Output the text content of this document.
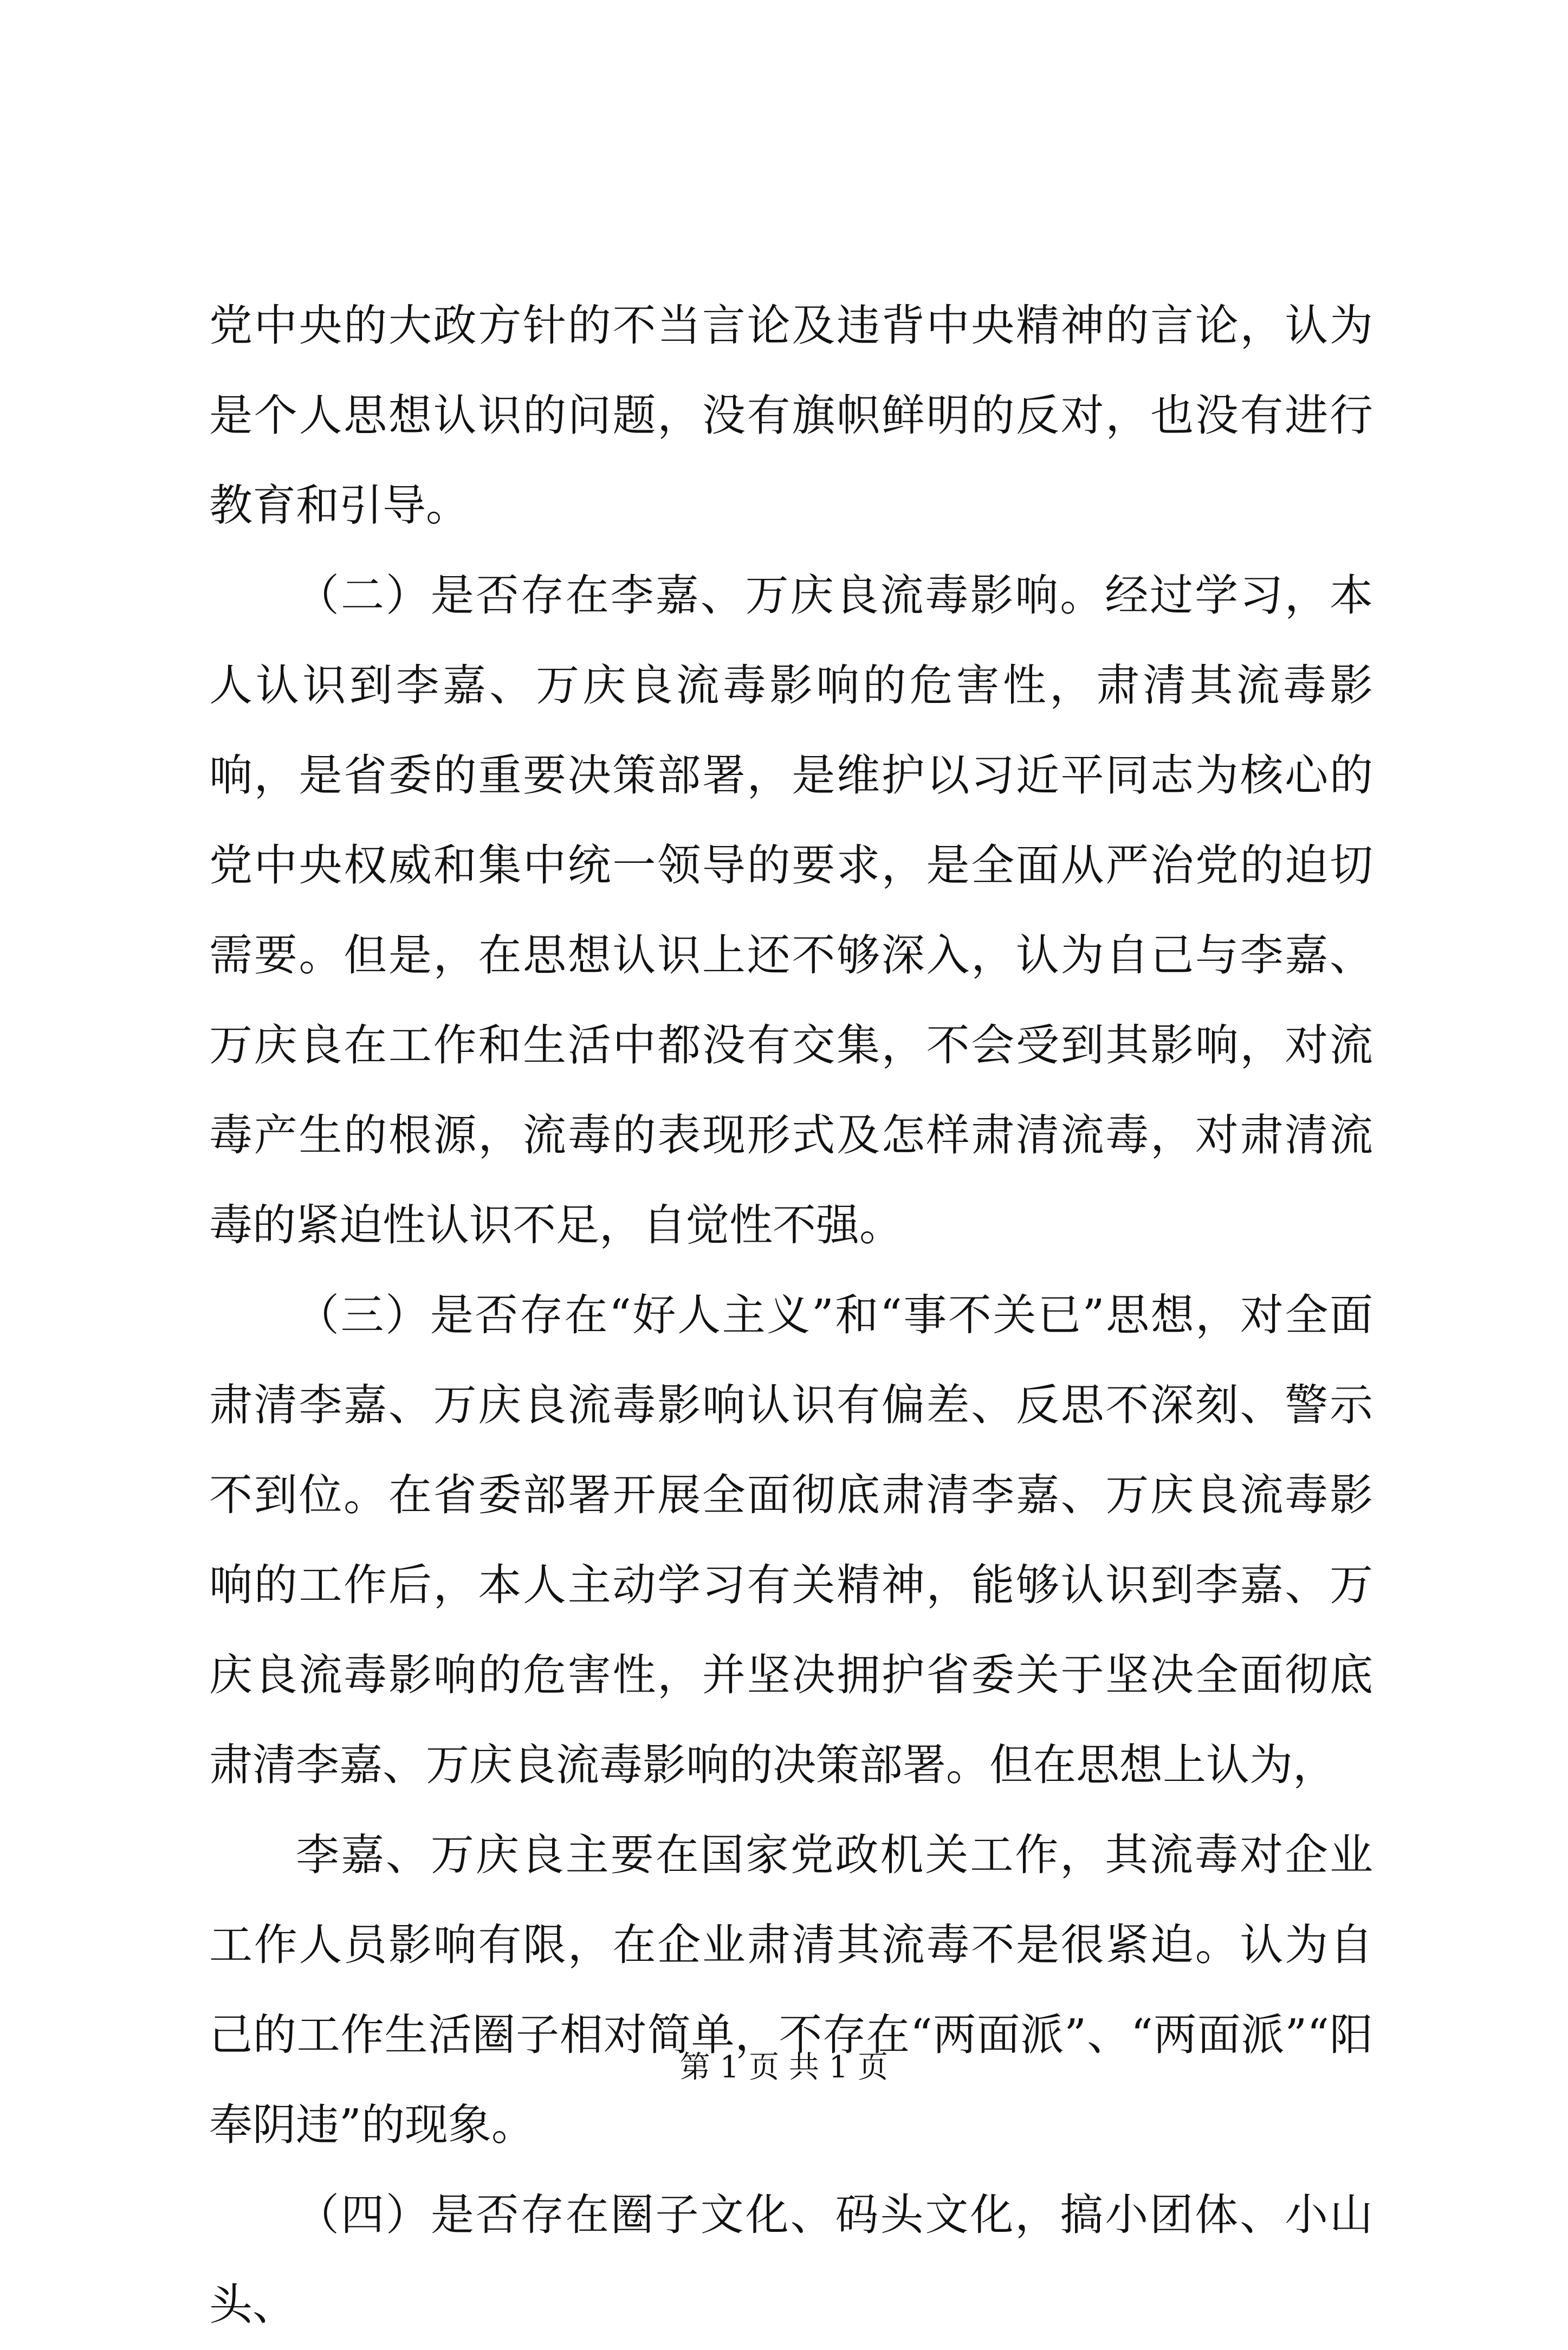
党中央的大政方针的不当言论及违背中央精神的言论，认为是个人思想认识的问题，没有旗帜鲜明的反对，也没有进行教育和引导。

（二）是否存在李嘉、万庆良流毒影响。经过学习，本人认识到李嘉、万庆良流毒影响的危害性，肃清其流毒影响，是省委的重要决策部署，是维护以习近平同志为核心的党中央权威和集中统一领导的要求，是全面从严治党的迫切需要。但是，在思想认识上还不够深入，认为自己与李嘉、万庆良在工作和生活中都没有交集，不会受到其影响，对流毒产生的根源，流毒的表现形式及怎样肃清流毒，对肃清流毒的紧迫性认识不足，自觉性不强。

（三）是否存在“好人主义”和“事不关已”思想，对全面肃清李嘉、万庆良流毒影响认识有偏差、反思不深刻、警示不到位。在省委部署开展全面彻底肃清李嘉、万庆良流毒影响的工作后，本人主动学习有关精神，能够认识到李嘉、万庆良流毒影响的危害性，并坚决拥护省委关于坚决全面彻底肃清李嘉、万庆良流毒影响的决策部署。但在思想上认为，

李嘉、万庆良主要在国家党政机关工作，其流毒对企业工作人员影响有限，在企业肃清其流毒不是很紧迫。认为自己的工作生活圈子相对简单，不存在“两面派”、“两面派”“阳奉阴违”的现象。

（四）是否存在圈子文化、码头文化，搞小团体、小山头、

第 1 页 共 1 页
